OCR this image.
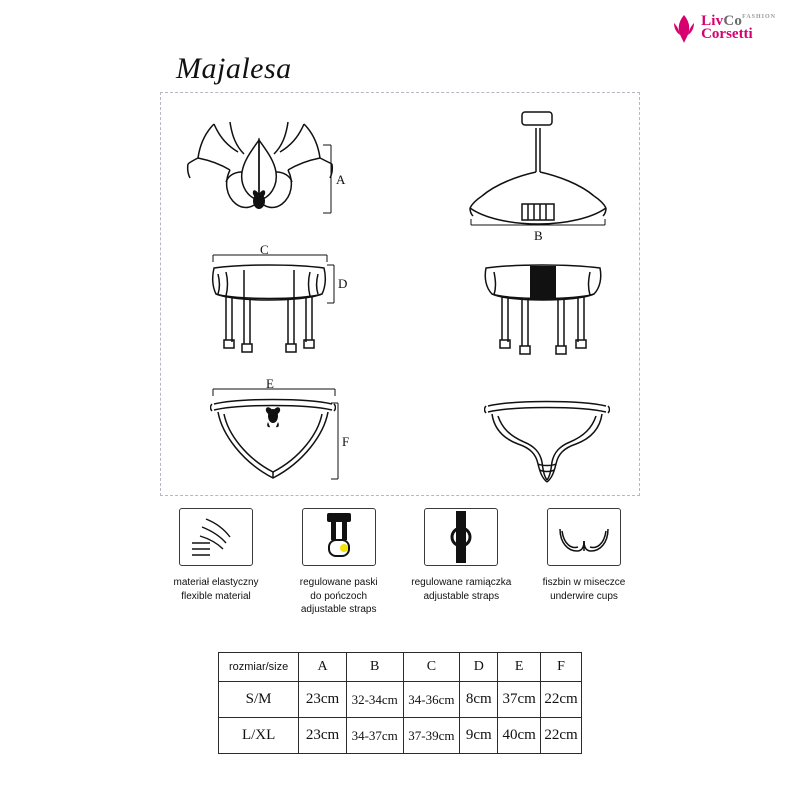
LivCo$^{FASHION}$
Corsetti
Majalesa
A
B
C
D
E
F
materiał elastyczny
flexible material
regulowane paski
do pończoch
adjustable straps
regulowane ramiączka
adjustable straps
fiszbin w miseczce
underwire cups
rozmiar/size	A	B	C	D	E	F
S/M	23cm	32-34cm	34-36cm	8cm	37cm	22cm
L/XL	23cm	34-37cm	37-39cm	9cm	40cm	22cm
